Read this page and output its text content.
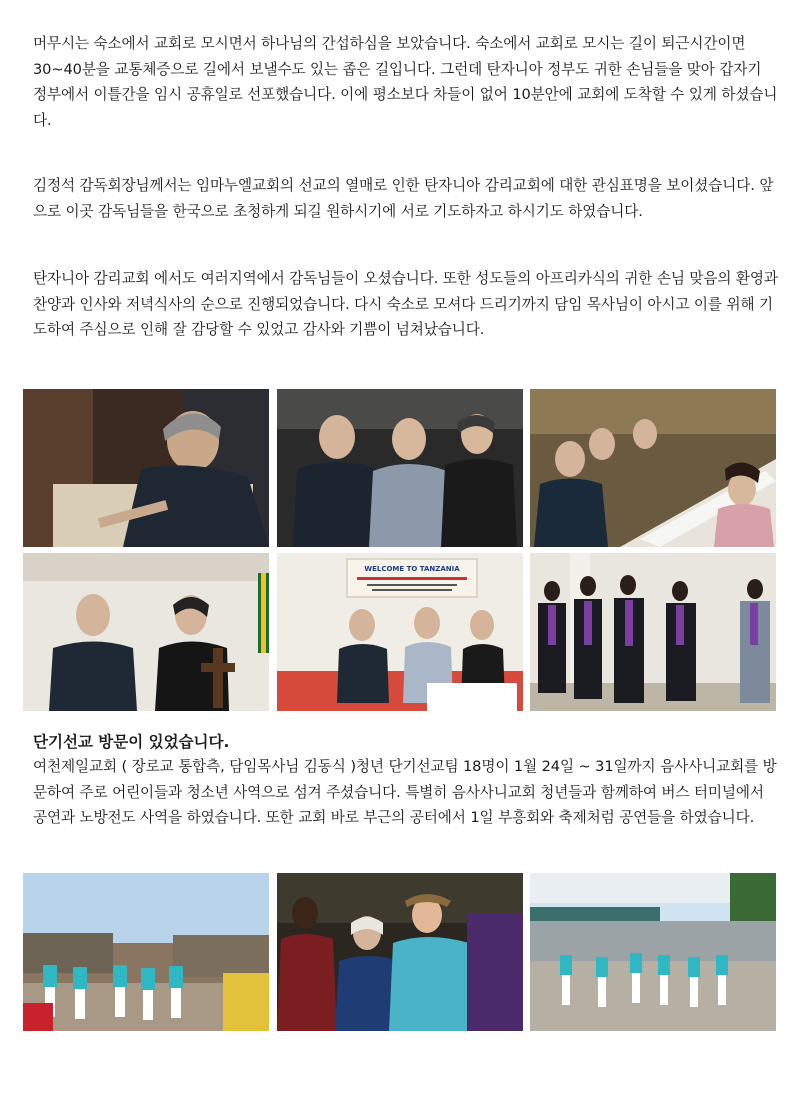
머무시는 숙소에서 교회로 모시면서 하나님의 간섭하심을 보았습니다. 숙소에서 교회로 모시는 길이 퇴근시간이면 30~40분을 교통체증으로 길에서 보낼수도 있는 좁은 길입니다. 그런데 탄자니아 정부도 귀한 손님들을 맞아 갑자기 정부에서 이틀간을 임시 공휴일로 선포했습니다. 이에 평소보다 차들이 없어 10분안에 교회에 도착할 수 있게 하셨습니다.

김정석 감독회장님께서는 임마누엘교회의 선교의 열매로 인한 탄자니아 감리교회에 대한 관심표명을 보이셨습니다. 앞으로 이곳 감독님들을 한국으로 초청하게 되길 원하시기에 서로 기도하자고 하시기도 하였습니다.

탄자니아 감리교회 에서도 여러지역에서 감독님들이 오셨습니다. 또한 성도들의 아프리카식의 귀한 손님 맞음의 환영과 찬양과 인사와 저녁식사의 순으로 진행되었습니다. 다시 숙소로 모셔다 드리기까지 담임 목사님이 아시고 이를 위해 기도하여 주심으로 인해 잘 감당할 수 있었고 감사와 기쁨이 넘쳐났습니다.

WELCOME TO TANZANIA
단기선교 방문이 있었습니다.

여천제일교회 ( 장로교 통합측, 담임목사님 김동식 )청년 단기선교팀 18명이 1월 24일 ~ 31일까지 음사사니교회를 방문하여 주로 어린이들과 청소년 사역으로 섬겨 주셨습니다. 특별히 음사사니교회 청년들과 함께하여 버스 터미널에서 공연과 노방전도 사역을 하였습니다. 또한 교회 바로 부근의 공터에서 1일 부흥회와 축제처럼 공연들을 하였습니다.
